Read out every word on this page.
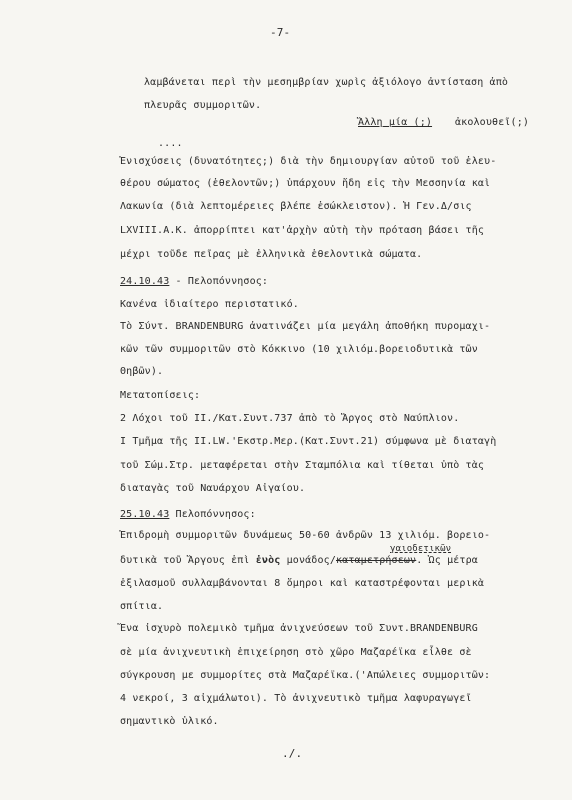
-7-
λαμβάνεται περὶ τὴν μεσημβρίαν χωρὶς ἀξιόλογο ἀντίσταση ἀπὸ
πλευρᾶς συμμοριτῶν.
Ἄλλη μία (;) ἀκολουθεῖ(;)
....
Ἐνισχύσεις (δυνατότητες;) διὰ τὴν δημιουργίαν αὐτοῦ τοῦ ἐλευ-
θέρου σώματος (ἐθελοντῶν;) ὑπάρχουν ἤδη εἰς τὴν Μεσσηνία καὶ
Λακωνία (διὰ λεπτομέρειες βλέπε ἐσώκλειστον). Ἡ Γεν.Δ/σις
LXVIII.Α.Κ. ἀπορρίπτει κατ'ἀρχὴν αὐτὴ τὴν πρόταση βάσει τῆς
μέχρι τοῦδε πεῖρας μὲ ἑλληνικὰ ἐθελοντικὰ σώματα.
24.10.43 - Πελοπόννησος:
Κανένα ἰδιαίτερο περιστατικό.
Τὸ Σύντ. BRANDENBURG ἀνατινάζει μία μεγάλη ἀποθήκη πυρομαχι-
κῶν τῶν συμμοριτῶν στὸ Κόκκινο (10 χιλιόμ.βορειοδυτικὰ τῶν
Θηβῶν).
Μετατοπίσεις:
2 Λόχοι τοῦ II./Κατ.Συντ.737 ἀπὸ τὸ Ἄργος στὸ Ναύπλιον.
I Τμῆμα τῆς II.LW.'Εκστρ.Μερ.(Κατ.Συντ.21) σύμφωνα μὲ διαταγὴ
τοῦ Σώμ.Στρ. μεταφέρεται στὴν Σταμπόλια καὶ τίθεται ὑπὸ τὰς
διαταγὰς τοῦ Ναυάρχου Αἰγαίου.
25.10.43 Πελοπόννησος:
Ἐπιδρομὴ συμμοριτῶν δυνάμεως 50-60 ἀνδρῶν 13 χιλιόμ. βορειο-
γαιοδετικῶν
δυτικὰ τοῦ Ἄργους ἐπὶ ἐνὸς μονάδος/καταμετρήσεων. Ὡς μέτρα
ἐξιλασμοῦ συλλαμβάνονται 8 ὅμηροι καὶ καταστρέφονται μερικὰ
σπίτια.
Ἕνα ἰσχυρὸ πολεμικὸ τμῆμα ἀνιχνεύσεων τοῦ Συντ.BRANDENBURG
σὲ μία ἀνιχνευτικὴ ἐπιχείρηση στὸ χῶρο Μαζαρέϊκα εἶλθε σὲ
σύγκρουση με συμμορίτες στὰ Μαζαρέϊκα.('Απώλειες συμμοριτῶν:
4 νεκροί, 3 αἰχμάλωτοι). Τὸ ἀνιχνευτικὸ τμῆμα λαφυραγωγεῖ
σημαντικὸ ὑλικό.
./.
